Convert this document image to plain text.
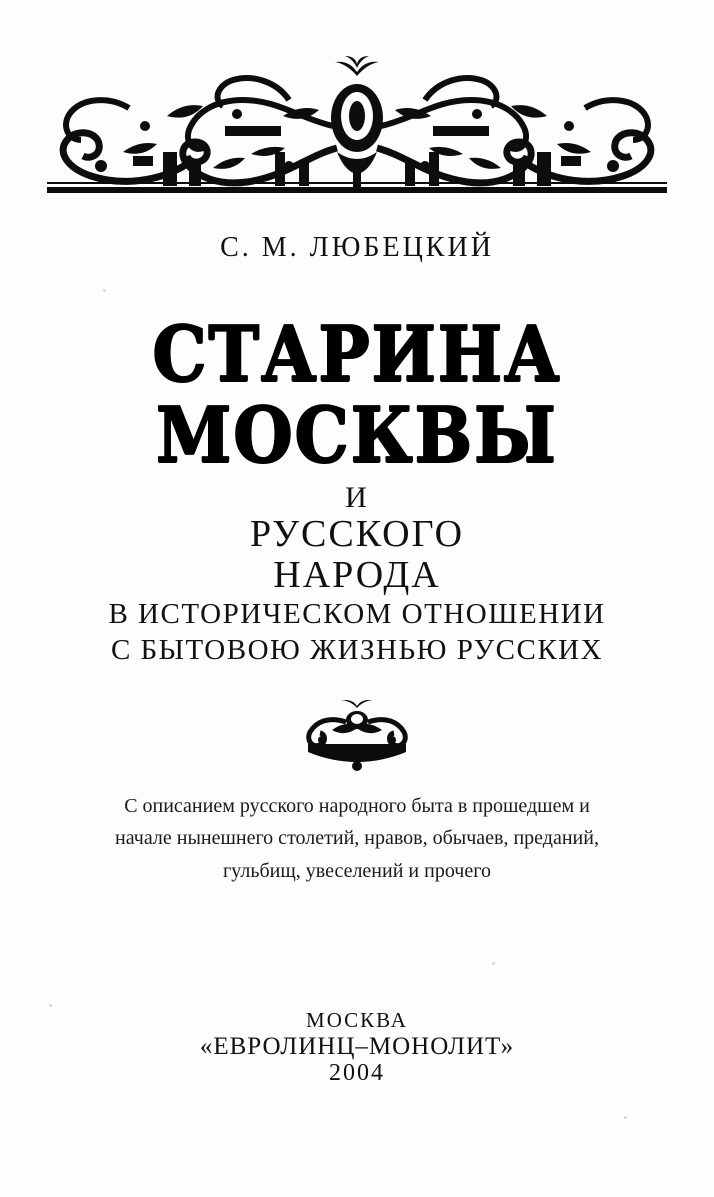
С. М. ЛЮБЕЦКИЙ
СТАРИНА
МОСКВЫ
И
РУССКОГО
НАРОДА
В ИСТОРИЧЕСКОМ ОТНОШЕНИИ
С БЫТОВОЮ ЖИЗНЬЮ РУССКИХ
С описанием русского народного быта в прошедшем и
начале нынешнего столетий, нравов, обычаев, преданий,
гульбищ, увеселений и прочего
МОСКВА
«ЕВРОЛИНЦ–МОНОЛИТ»
2004
